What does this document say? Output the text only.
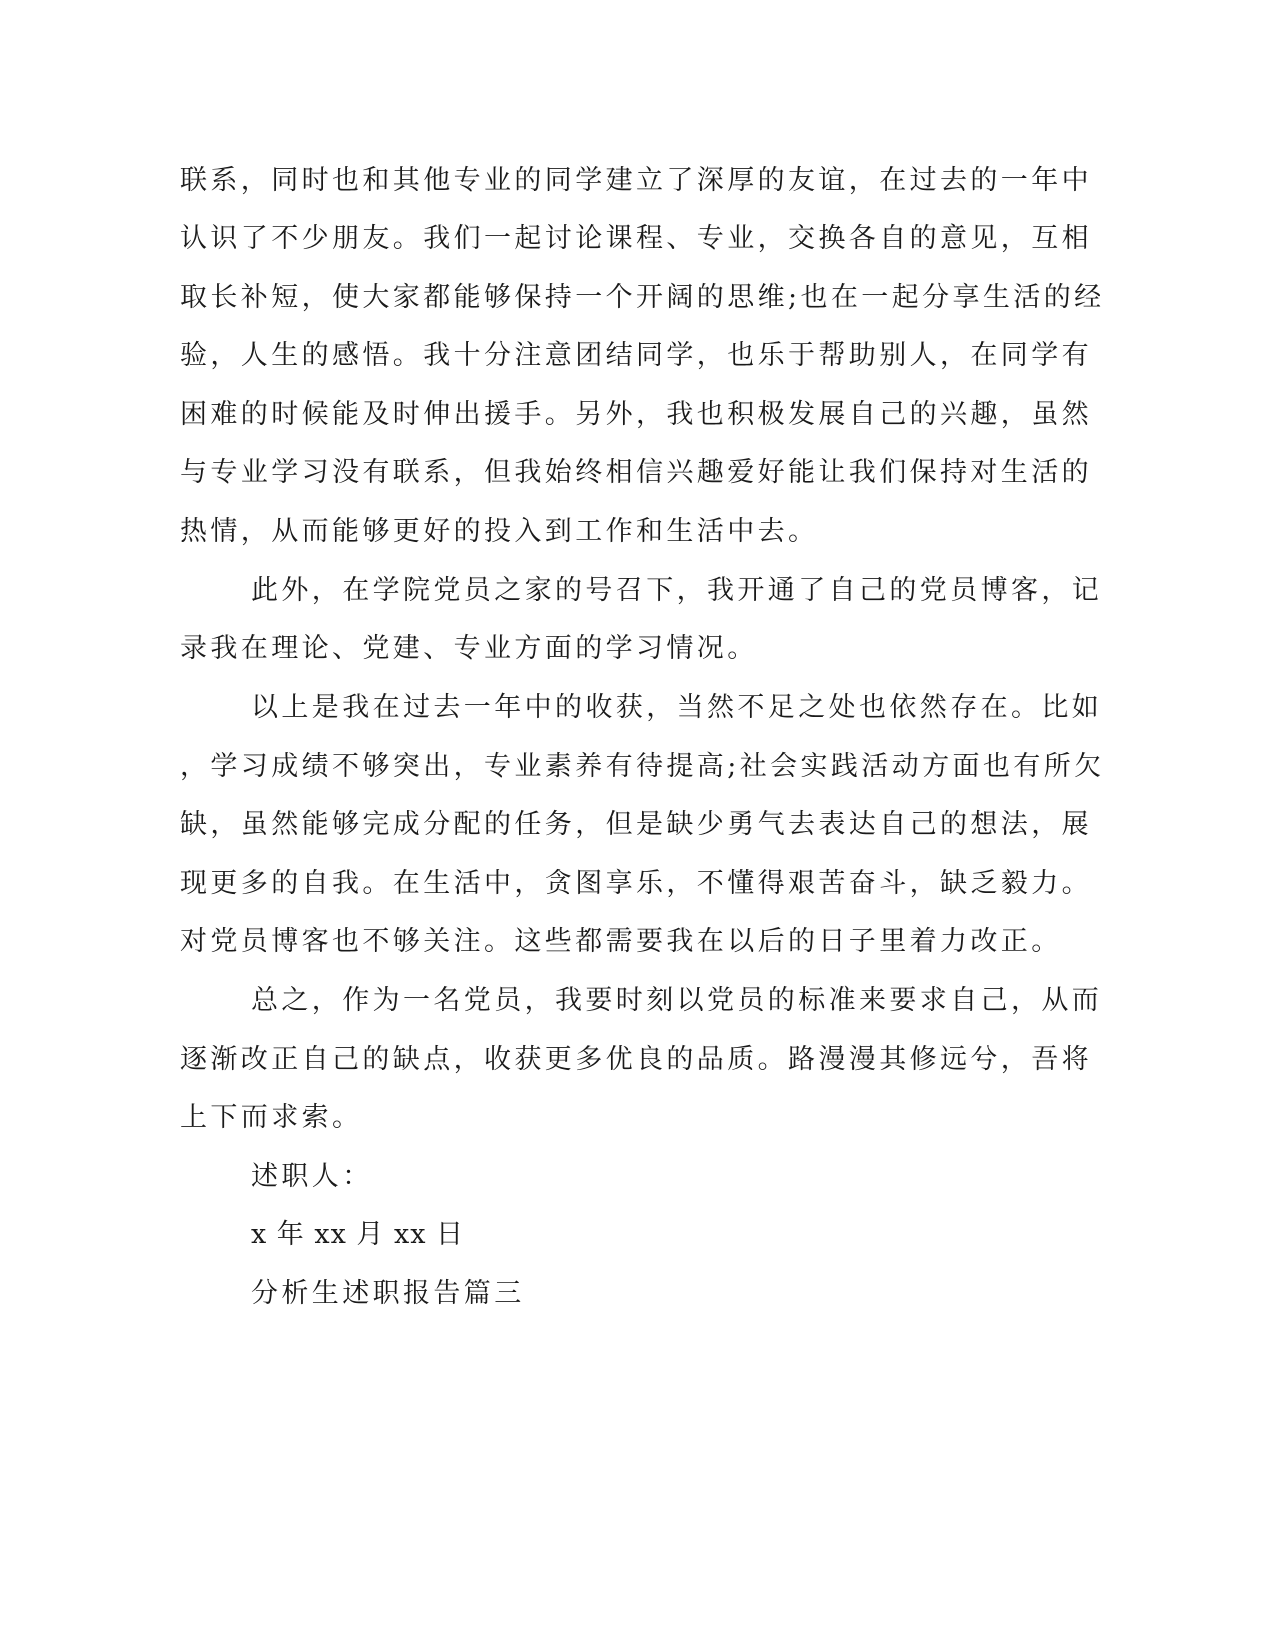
联系，同时也和其他专业的同学建立了深厚的友谊，在过去的一年中
认识了不少朋友。我们一起讨论课程、专业，交换各自的意见，互相
取长补短，使大家都能够保持一个开阔的思维;也在一起分享生活的经
验，人生的感悟。我十分注意团结同学，也乐于帮助别人，在同学有
困难的时候能及时伸出援手。另外，我也积极发展自己的兴趣，虽然
与专业学习没有联系，但我始终相信兴趣爱好能让我们保持对生活的
热情，从而能够更好的投入到工作和生活中去。
此外，在学院党员之家的号召下，我开通了自己的党员博客，记
录我在理论、党建、专业方面的学习情况。
以上是我在过去一年中的收获，当然不足之处也依然存在。比如
，学习成绩不够突出，专业素养有待提高;社会实践活动方面也有所欠
缺，虽然能够完成分配的任务，但是缺少勇气去表达自己的想法，展
现更多的自我。在生活中，贪图享乐，不懂得艰苦奋斗，缺乏毅力。
对党员博客也不够关注。这些都需要我在以后的日子里着力改正。
总之，作为一名党员，我要时刻以党员的标准来要求自己，从而
逐渐改正自己的缺点，收获更多优良的品质。路漫漫其修远兮，吾将
上下而求索。
述职人：
x 年 xx 月 xx 日
分析生述职报告篇三
